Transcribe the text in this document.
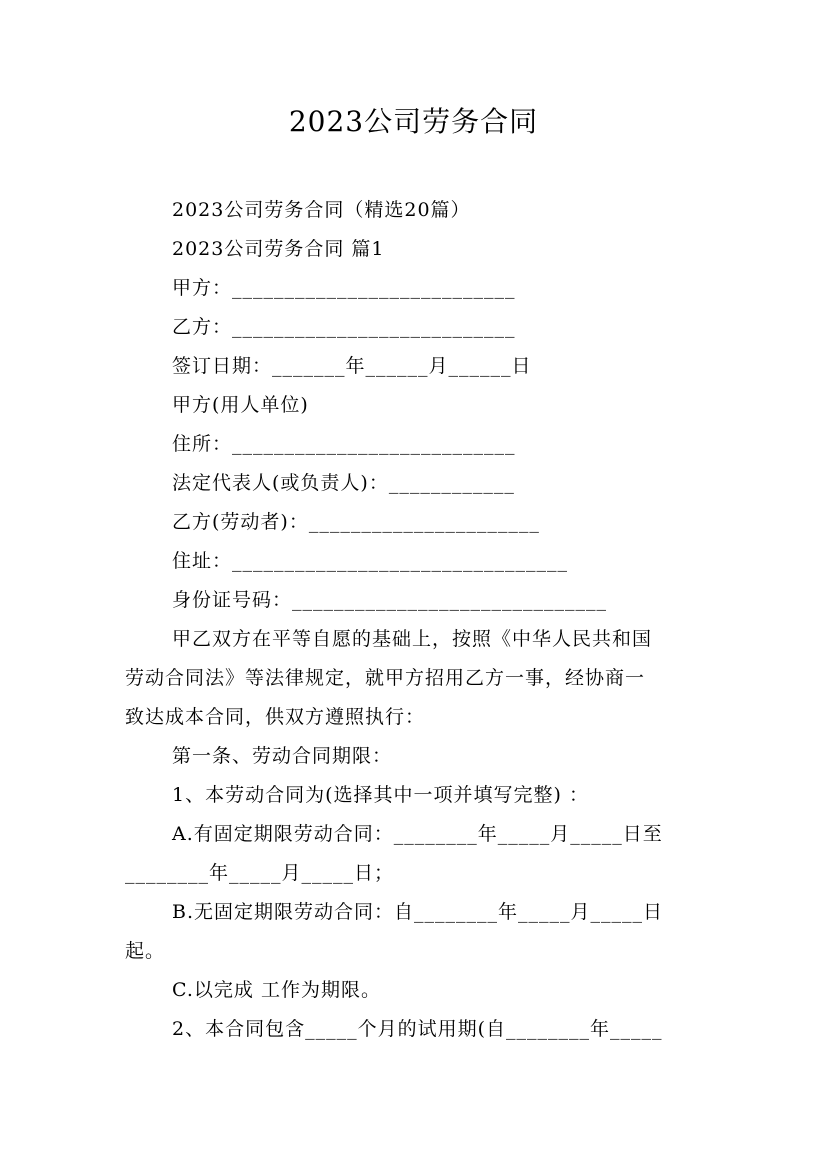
2023公司劳务合同
2023公司劳务合同（精选20篇）
2023公司劳务合同 篇1
甲方：___________________________
乙方：___________________________
签订日期：_______年______月______日
甲方(用人单位)
住所：___________________________
法定代表人(或负责人)：____________
乙方(劳动者)：______________________
住址：________________________________
身份证号码：______________________________
甲乙双方在平等自愿的基础上，按照《中华人民共和国
劳动合同法》等法律规定，就甲方招用乙方一事，经协商一
致达成本合同，供双方遵照执行：
第一条、劳动合同期限：
1、本劳动合同为(选择其中一项并填写完整) ：
A.有固定期限劳动合同：________年_____月_____日至
________年_____月_____日；
B.无固定期限劳动合同：自________年_____月_____日
起。
C.以完成 工作为期限。
2、本合同包含_____个月的试用期(自________年_____
